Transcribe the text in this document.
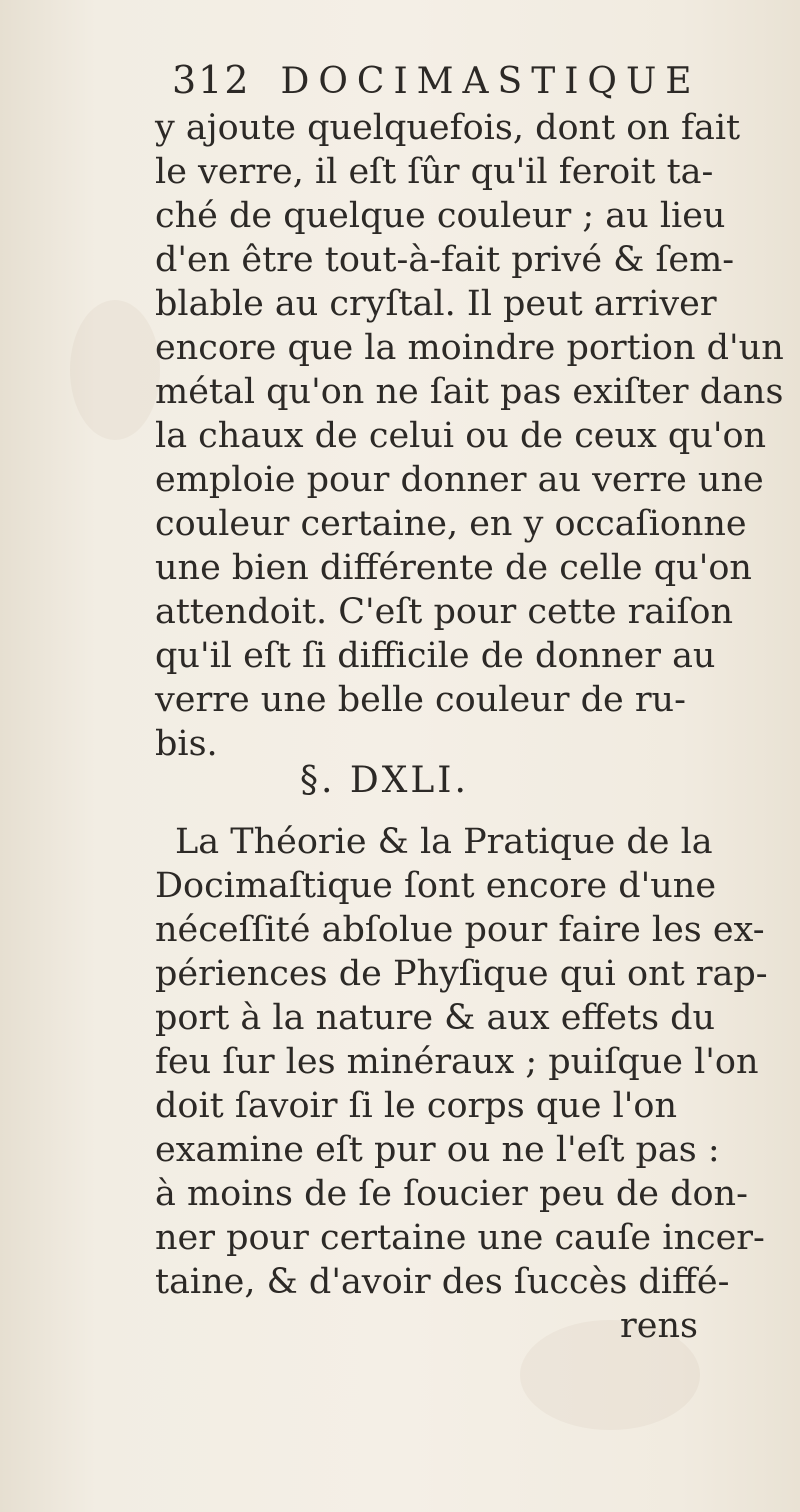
312 DOCIMASTIQUE
y ajoute quelquefois, dont on fait
le verre, il eſt ſûr qu'il feroit ta-
ché de quelque couleur ; au lieu
d'en être tout-à-fait privé & ſem-
blable au cryſtal. Il peut arriver
encore que la moindre portion d'un
métal qu'on ne ſait pas exiſter dans
la chaux de celui ou de ceux qu'on
emploie pour donner au verre une
couleur certaine, en y occaſionne
une bien différente de celle qu'on
attendoit. C'eſt pour cette raiſon
qu'il eſt ſi difficile de donner au
verre une belle couleur de ru-
bis.
§. DXLI.
La Théorie & la Pratique de la
Docimaſtique ſont encore d'une
néceſſité abſolue pour faire les ex-
périences de Phyſique qui ont rap-
port à la nature & aux effets du
feu ſur les minéraux ; puiſque l'on
doit ſavoir ſi le corps que l'on
examine eſt pur ou ne l'eſt pas :
à moins de ſe ſoucier peu de don-
ner pour certaine une cauſe incer-
taine, & d'avoir des ſuccès diffé-
rens
